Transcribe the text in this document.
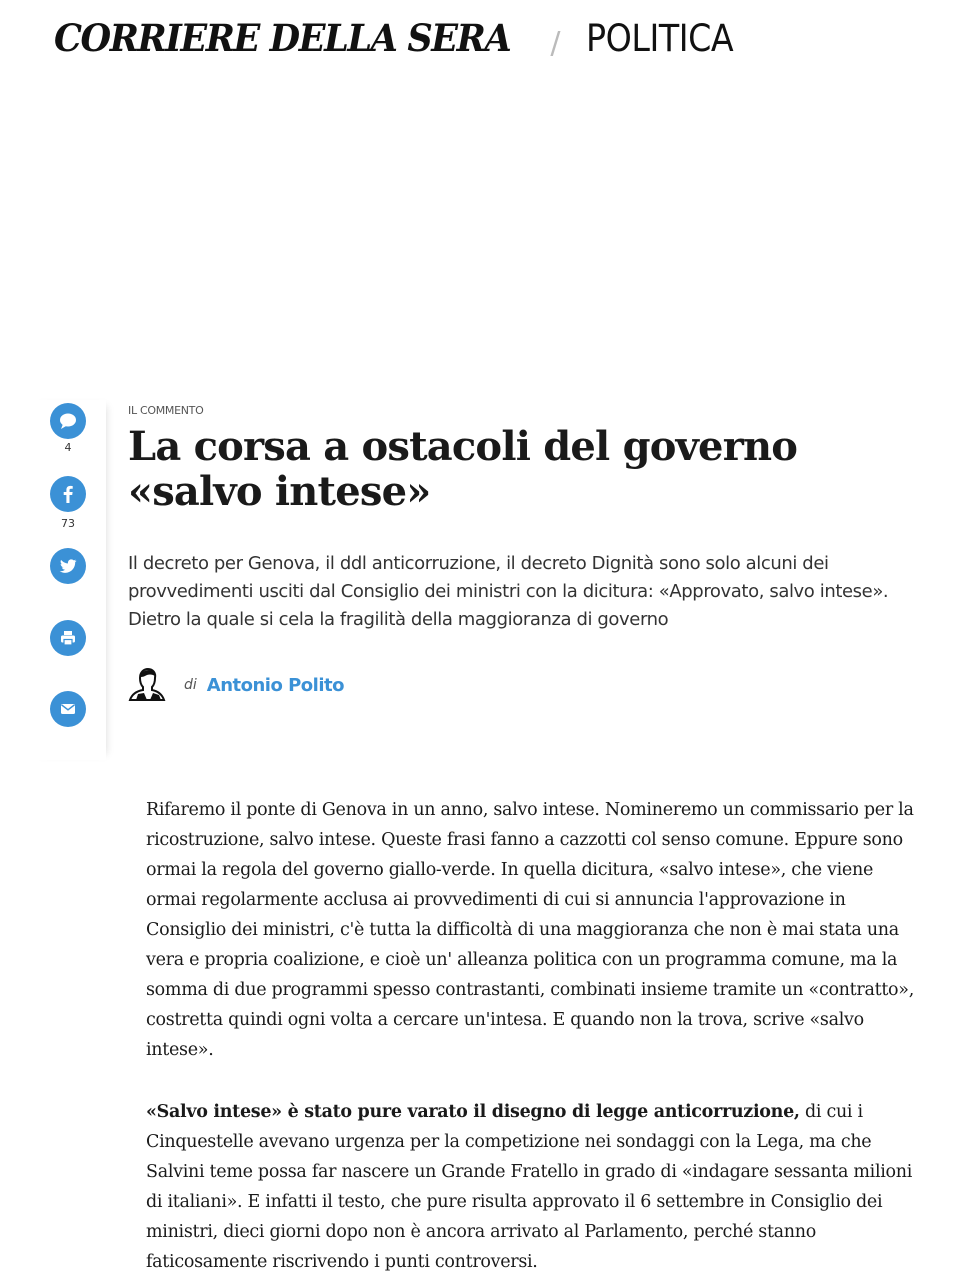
CORRIERE DELLA SERA / POLITICA
4
73
IL COMMENTO
La corsa a ostacoli del governo «salvo intese»

Il decreto per Genova, il ddl anticorruzione, il decreto Dignità sono solo alcuni dei provvedimenti usciti dal Consiglio dei ministri con la dicitura: «Approvato, salvo intese». Dietro la quale si cela la fragilità della maggioranza di governo

di Antonio Polito

Rifaremo il ponte di Genova in un anno, salvo intese. Nomineremo un commissario per la ricostruzione, salvo intese. Queste frasi fanno a cazzotti col senso comune. Eppure sono ormai la regola del governo giallo-verde. In quella dicitura, «salvo intese», che viene ormai regolarmente acclusa ai provvedimenti di cui si annuncia l'approvazione in Consiglio dei ministri, c'è tutta la difficoltà di una maggioranza che non è mai stata una vera e propria coalizione, e cioè un' alleanza politica con un programma comune, ma la somma di due programmi spesso contrastanti, combinati insieme tramite un «contratto», costretta quindi ogni volta a cercare un'intesa. E quando non la trova, scrive «salvo intese».

«Salvo intese» è stato pure varato il disegno di legge anticorruzione, di cui i Cinquestelle avevano urgenza per la competizione nei sondaggi con la Lega, ma che Salvini teme possa far nascere un Grande Fratello in grado di «indagare sessanta milioni di italiani». E infatti il testo, che pure risulta approvato il 6 settembre in Consiglio dei ministri, dieci giorni dopo non è ancora arrivato al Parlamento, perché stanno faticosamente riscrivendo i punti controversi.
